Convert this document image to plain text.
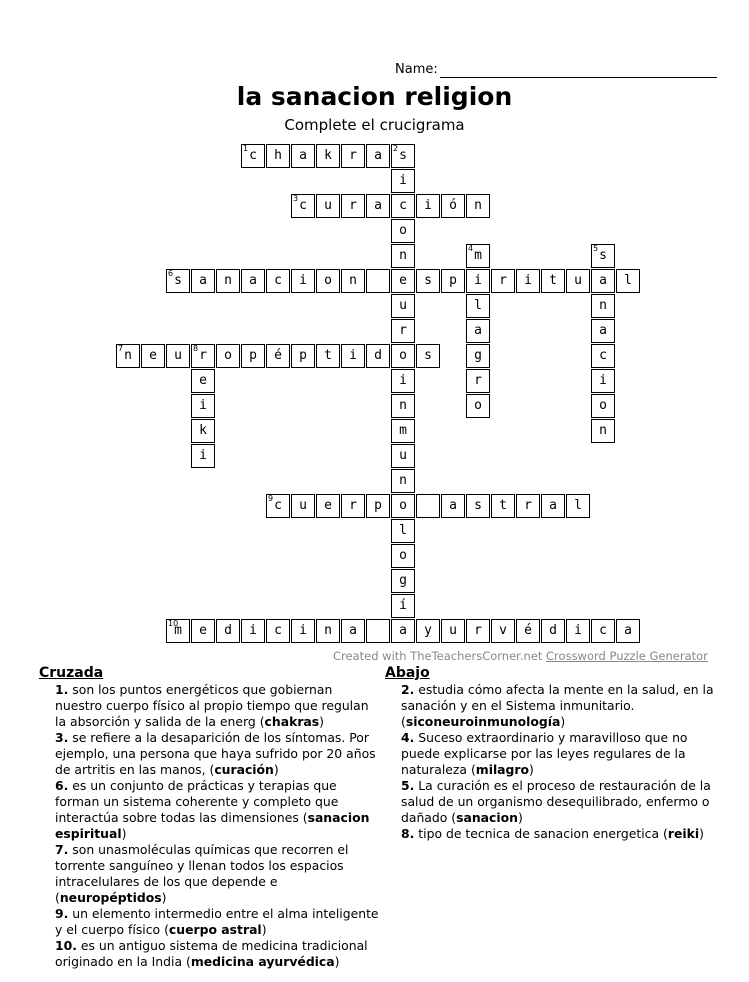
Name:
la sanacion religion
Complete el crucigrama
1 c	h	a	k	r	a	2 s
i
c
o
n
e
u
r
o
i
n
m
u
n
o
l
o
g
í
a
3 c	u	r	a	i	ó	n
4 m
i
l
a
g
r
o
5 s
a
n
a
c
i
o
n
6 s	a	n	a	c	i	o	n	s	p	r	i	t	u	l
7 n	e	u	8 r	o	p	é	p	t	i	d	s
e
i
k
i
9 c	u	e	r	p	a	s	t	r	a	l
10
m	e	d	i	c	i	n	a	y	u	r	v	é	d	i	c	a
Created with TheTeachersCorner.net Crossword Puzzle Generator
Cruzada	Abajo

1. son los puntos energéticos que gobiernan nuestro cuerpo físico al propio tiempo que regulan la absorción y salida de la energ (chakras)

3. se refiere a la desaparición de los síntomas. Por ejemplo, una persona que haya sufrido por 20 años de artritis en las manos, (curación)

6. es un conjunto de prácticas y terapias que forman un sistema coherente y completo que interactúa sobre todas las dimensiones (sanacion espiritual)

7. son unasmoléculas químicas que recorren el torrente sanguíneo y llenan todos los espacios intracelulares de los que depende e (neuropéptidos)

9. un elemento intermedio entre el alma inteligente y el cuerpo físico (cuerpo astral)

10. es un antiguo sistema de medicina tradicional originado en la India (medicina ayurvédica)

2. estudia cómo afecta la mente en la salud, en la sanación y en el Sistema inmunitario. (siconeuroinmunología)

4. Suceso extraordinario y maravilloso que no puede explicarse por las leyes regulares de la naturaleza (milagro)

5. La curación es el proceso de restauración de la salud de un organismo desequilibrado, enfermo o dañado (sanacion)

8. tipo de tecnica de sanacion energetica (reiki)
